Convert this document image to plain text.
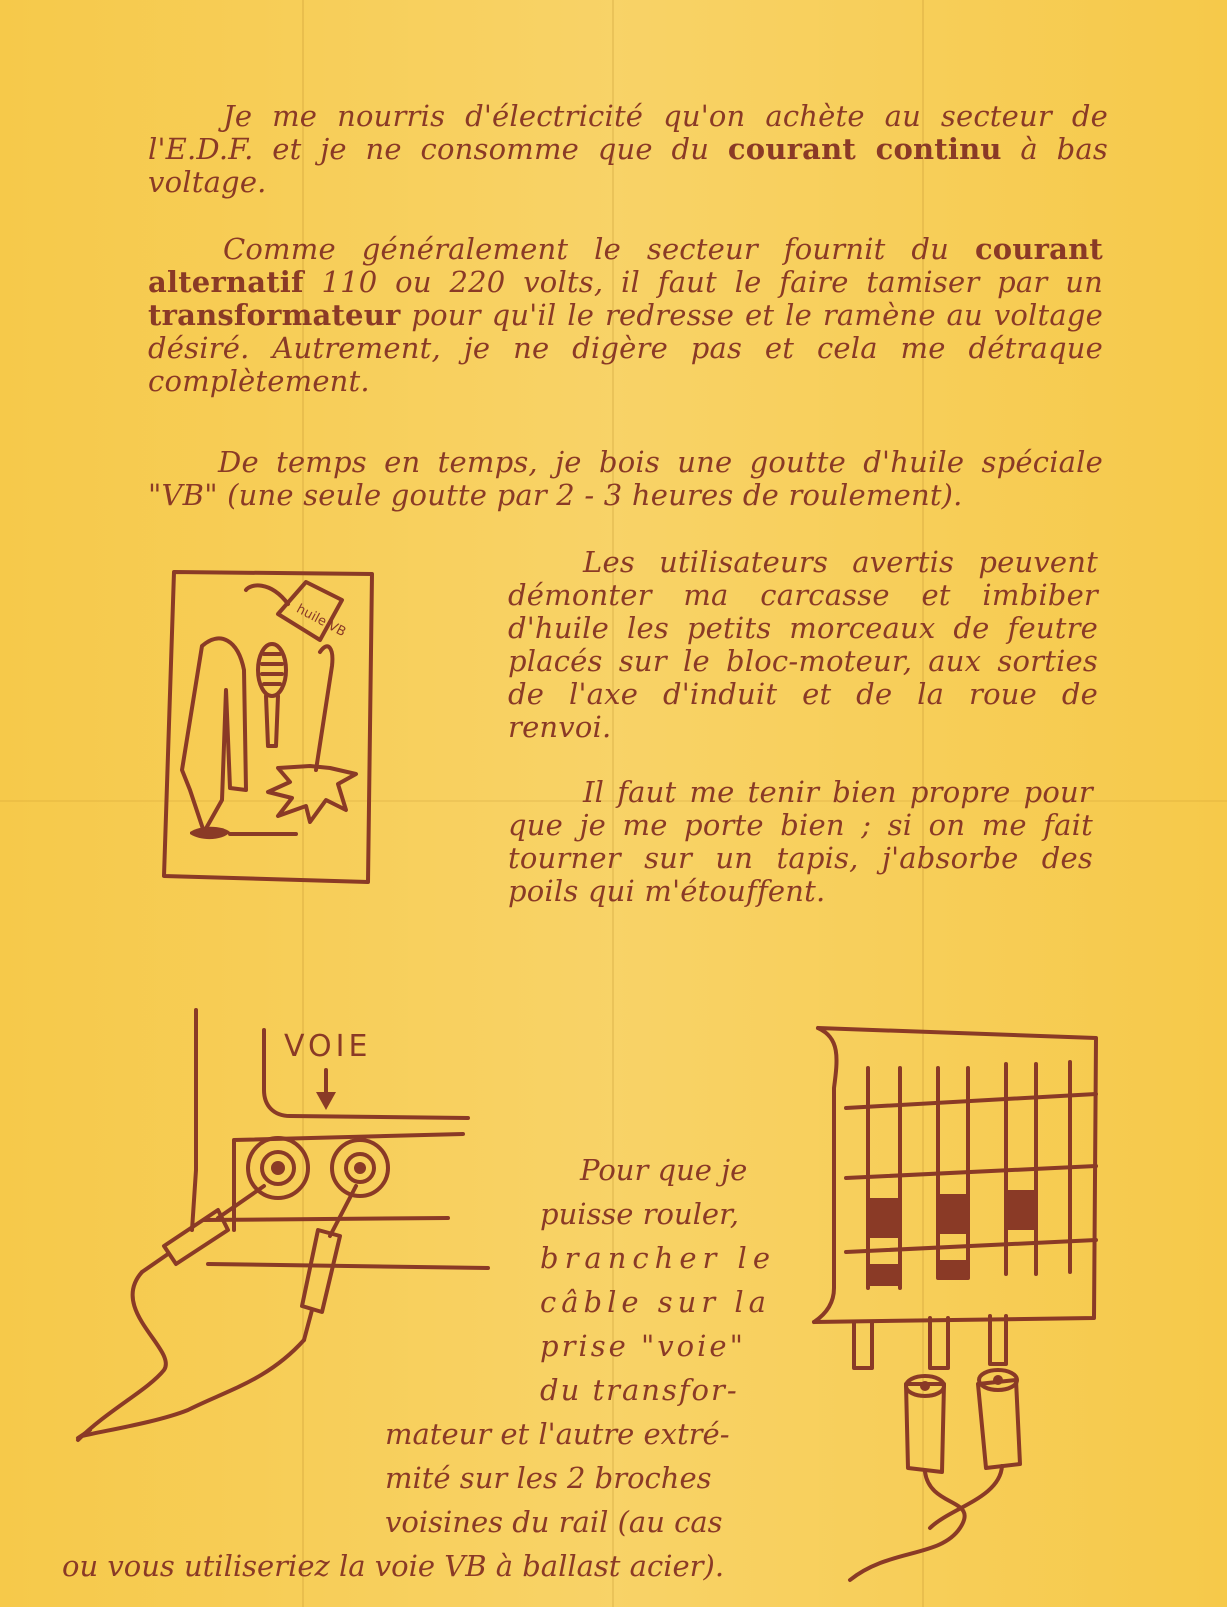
Je me nourris d'électricité qu'on achète au secteur de l'E.D.F. et je ne consomme que du courant continu à bas voltage.

Comme généralement le secteur fournit du courant alternatif 110 ou 220 volts, il faut le faire tamiser par un transformateur pour qu'il le redresse et le ramène au voltage désiré. Autrement, je ne digère pas et cela me détraque complètement.

De temps en temps, je bois une goutte d'huile spéciale "VB" (une seule goutte par 2 - 3 heures de roulement).

Les utilisateurs avertis peuvent démonter ma carcasse et imbiber d'huile les petits morceaux de feutre placés sur le bloc-moteur, aux sorties de l'axe d'induit et de la roue de renvoi.

Il faut me tenir bien propre pour que je me porte bien ; si on me fait tourner sur un tapis, j'absorbe des poils qui m'étouffent.

Pour que je
puisse rouler,
brancher le
câble sur la
prise "voie"
du transfor-
mateur et l'autre extré-
mité sur les 2 broches
voisines du rail (au cas
ou vous utiliseriez la voie VB à ballast acier).
huile VB
VOIE
